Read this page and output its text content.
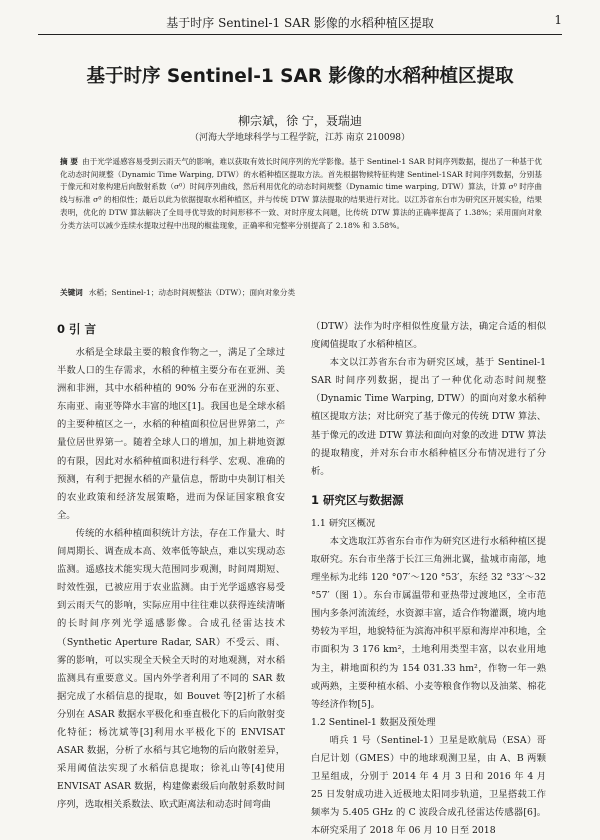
基于时序 Sentinel-1 SAR 影像的水稻种植区提取	1
基于时序 Sentinel-1 SAR 影像的水稻种植区提取
柳宗斌，徐 宁，聂瑞迪
（河海大学地球科学与工程学院，江苏 南京 210098）
摘 要 由于光学遥感容易受到云雨天气的影响，难以获取有效长时间序列的光学影像。基于 Sentinel-1 SAR 时间序列数据，提出了一种基于优化动态时间规整（Dynamic Time Warping, DTW）的水稻种植区提取方法。首先根据物候特征构建 Sentinel-1SAR 时间序列数据，分别基于像元和对象构建后向散射系数（σ⁰）时间序列曲线，然后利用优化的动态时间规整（Dynamic time warping, DTW）算法，计算 σ⁰ 时序曲线与标准 σ⁰ 的相似性；最后以此为依据提取水稻种植区，并与传统 DTW 算法提取的结果进行对比。以江苏省东台市为研究区开展实验，结果表明，优化的 DTW 算法解决了全局寻优导致的时间形移不一致、对时序度太间题，比传统 DTW 算法的正确率提高了 1.38%；采用面向对象分类方法可以减少连续水提取过程中出现的椒盐现象，正确率和完整率分别提高了 2.18% 和 3.58%。
关键词 水稻；Sentinel-1；动态时间规整法（DTW）；面向对象分类
0 引 言

水稻是全球最主要的粮食作物之一，满足了全球过半数人口的生存需求，水稻的种植主要分布在亚洲、美洲和非洲，其中水稻种植的 90% 分布在亚洲的东亚、东南亚、南亚等降水丰富的地区[1]。我国也是全球水稻的主要种植区之一，水稻的种植面积位居世界第二，产量位居世界第一。随着全球人口的增加，加上耕地资源的有限，因此对水稻种植面积进行科学、宏观、准确的预测，有利于把握水稻的产量信息，帮助中央制订相关的农业政策和经济发展策略，进而为保证国家粮食安全。

传统的水稻种植面积统计方法，存在工作量大、时间周期长、调查成本高、效率低等缺点，难以实现动态监测。遥感技术能实现大范围同步观测，时间周期短、时效性强，已被应用于农业监测。由于光学遥感容易受到云雨天气的影响，实际应用中往往难以获得连续清晰的长时间序列光学遥感影像。合成孔径雷达技术（Synthetic Aperture Radar, SAR）不受云、雨、雾的影响，可以实现全天候全天时的对地观测，对水稻监测具有重要意义。国内外学者利用了不同的 SAR 数据完成了水稻信息的提取，如 Bouvet 等[2]析了水稻分别在 ASAR 数据水平极化和垂直极化下的后向散射变化特征；杨沈斌等[3]利用水平极化下的 ENVISAT ASAR 数据，分析了水稻与其它地物的后向散射差异，采用阈值法实现了水稻信息提取；徐礼山等[4]使用 ENVISAT ASAR 数据，构建像素级后向散射系数时间序列，选取相关系数法、欧式距离法和动态时间弯曲

（DTW）法作为时序相似性度量方法，确定合适的相似度阈值提取了水稻种植区。

本文以江苏省东台市为研究区域，基于 Sentinel-1 SAR 时间序列数据，提出了一种优化动态时间规整（Dynamic Time Warping, DTW）的面向对象水稻种植区提取方法；对比研究了基于像元的传统 DTW 算法、基于像元的改进 DTW 算法和面向对象的改进 DTW 算法的提取精度，并对东台市水稻种植区分布情况进行了分析。

1 研究区与数据源
1.1 研究区概况

本文选取江苏省东台市作为研究区进行水稻种植区提取研究。东台市坐落于长江三角洲北翼，盐城市南部，地理坐标为北纬 120 °07′～120 °53′，东经 32 °33′～32 °57′（图 1）。东台市属温带和亚热带过渡地区，全市范围内多条河流流经，水资源丰富，适合作物灌溉，境内地势较为平坦，地貌特征为滨海冲积平原和海岸冲积地，全市面积为 3 176 km²，土地利用类型丰富，以农业用地为主，耕地面积约为 154 031.33 hm²，作物一年一熟或两熟，主要种植水稻、小麦等粮食作物以及油菜、棉花等经济作物[5]。

1.2 Sentinel-1 数据及预处理

哨兵 1 号（Sentinel-1）卫星是欧航局（ESA）哥白尼计划（GMES）中的地球观测卫星，由 A、B 两颗卫星组成，分别于 2014 年 4 月 3 日和 2016 年 4 月 25 日发射成功进入近极地太阳同步轨道，卫星搭载工作频率为 5.405 GHz 的 C 波段合成孔径雷达传感器[6]。本研究采用了 2018 年 06 月 10 日至 2018
